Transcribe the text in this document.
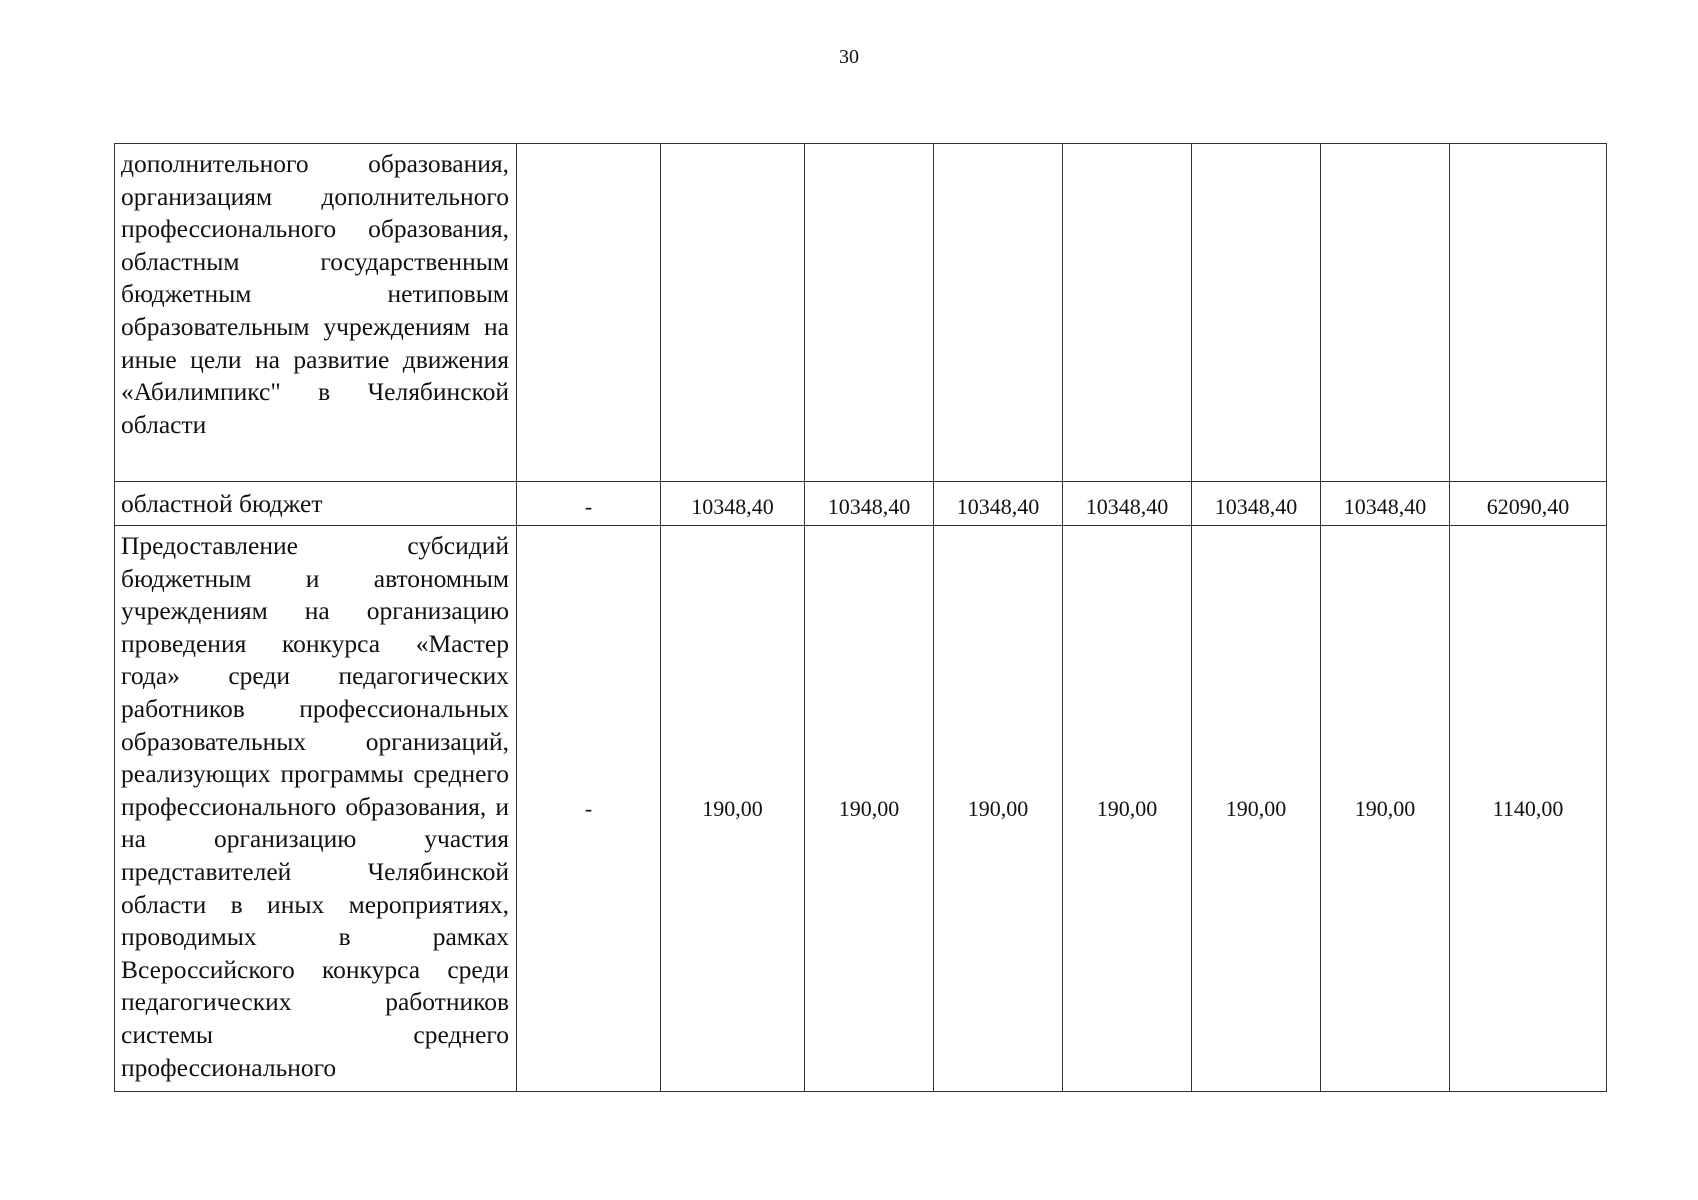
30
дополнительного образования, организациям дополнительного профессионального образования, областным государственным бюджетным нетиповым образовательным учреждениям на иные цели на развитие движения «Абилимпикс" в Челябинской области								

областной бюджет	-	10348,40	10348,40	10348,40	10348,40	10348,40	10348,40	62090,40

Предоставление субсидий бюджетным и автономным учреждениям на организацию проведения конкурса «Мастер года» среди педагогических работников профессиональных образовательных организаций, реализующих программы среднего профессионального образования, и на организацию участия представителей Челябинской области в иных мероприятиях, проводимых в рамках Всероссийского конкурса среди педагогических работников системы среднего профессионального	-	190,00	190,00	190,00	190,00	190,00	190,00	1140,00
